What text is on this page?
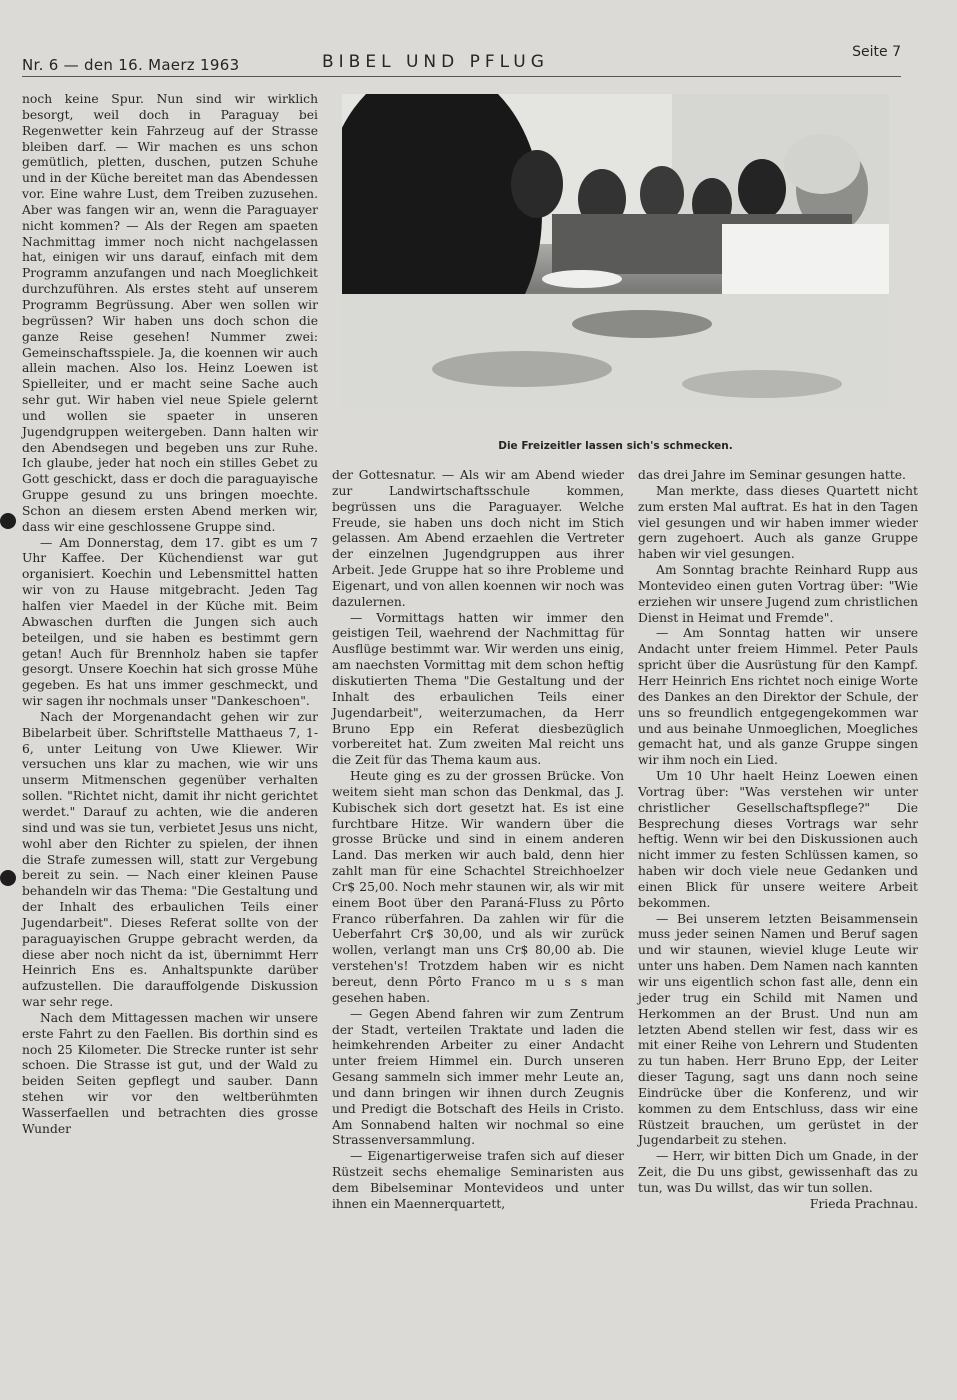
Nr. 6 — den 16. Maerz 1963	BIBEL UND PFLUG	Seite 7

noch keine Spur. Nun sind wir wirklich besorgt, weil doch in Paraguay bei Regenwetter kein Fahrzeug auf der Strasse bleiben darf. — Wir machen es uns schon gemütlich, pletten, duschen, putzen Schuhe und in der Küche bereitet man das Abendessen vor. Eine wahre Lust, dem Treiben zuzusehen. Aber was fangen wir an, wenn die Paraguayer nicht kommen? — Als der Regen am spaeten Nachmittag immer noch nicht nachgelassen hat, einigen wir uns darauf, einfach mit dem Programm anzufangen und nach Moeglichkeit durchzuführen. Als erstes steht auf unserem Programm Begrüssung. Aber wen sollen wir begrüssen? Wir haben uns doch schon die ganze Reise gesehen! Nummer zwei: Gemeinschaftsspiele. Ja, die koennen wir auch allein machen. Also los. Heinz Loewen ist Spielleiter, und er macht seine Sache auch sehr gut. Wir haben viel neue Spiele gelernt und wollen sie spaeter in unseren Jugendgruppen weitergeben. Dann halten wir den Abendsegen und begeben uns zur Ruhe. Ich glaube, jeder hat noch ein stilles Gebet zu Gott geschickt, dass er doch die paraguayische Gruppe gesund zu uns bringen moechte. Schon an diesem ersten Abend merken wir, dass wir eine geschlossene Gruppe sind.

— Am Donnerstag, dem 17. gibt es um 7 Uhr Kaffee. Der Küchendienst war gut organisiert. Koechin und Lebensmittel hatten wir von zu Hause mitgebracht. Jeden Tag halfen vier Maedel in der Küche mit. Beim Abwaschen durften die Jungen sich auch beteilgen, und sie haben es bestimmt gern getan! Auch für Brennholz haben sie tapfer gesorgt. Unsere Koechin hat sich grosse Mühe gegeben. Es hat uns immer geschmeckt, und wir sagen ihr nochmals unser "Dankeschoen".

Nach der Morgenandacht gehen wir zur Bibelarbeit über. Schriftstelle Matthaeus 7, 1-6, unter Leitung von Uwe Kliewer. Wir versuchen uns klar zu machen, wie wir uns unserm Mitmenschen gegenüber verhalten sollen. "Richtet nicht, damit ihr nicht gerichtet werdet." Darauf zu achten, wie die anderen sind und was sie tun, verbietet Jesus uns nicht, wohl aber den Richter zu spielen, der ihnen die Strafe zumessen will, statt zur Vergebung bereit zu sein. — Nach einer kleinen Pause behandeln wir das Thema: "Die Gestaltung und der Inhalt des erbaulichen Teils einer Jugendarbeit". Dieses Referat sollte von der paraguayischen Gruppe gebracht werden, da diese aber noch nicht da ist, übernimmt Herr Heinrich Ens es. Anhaltspunkte darüber aufzustellen. Die darauffolgende Diskussion war sehr rege.

Nach dem Mittagessen machen wir unsere erste Fahrt zu den Faellen. Bis dorthin sind es noch 25 Kilometer. Die Strecke runter ist sehr schoen. Die Strasse ist gut, und der Wald zu beiden Seiten gepflegt und sauber. Dann stehen wir vor den weltberühmten Wasserfaellen und betrachten dies grosse Wunder

Die Freizeitler lassen sich's schmecken.

der Gottesnatur. — Als wir am Abend wieder zur Landwirtschaftsschule kommen, begrüssen uns die Paraguayer. Welche Freude, sie haben uns doch nicht im Stich gelassen. Am Abend erzaehlen die Vertreter der einzelnen Jugendgruppen aus ihrer Arbeit. Jede Gruppe hat so ihre Probleme und Eigenart, und von allen koennen wir noch was dazulernen.

— Vormittags hatten wir immer den geistigen Teil, waehrend der Nachmittag für Ausflüge bestimmt war. Wir werden uns einig, am naechsten Vormittag mit dem schon heftig diskutierten Thema "Die Gestaltung und der Inhalt des erbaulichen Teils einer Jugendarbeit", weiterzumachen, da Herr Bruno Epp ein Referat diesbezüglich vorbereitet hat. Zum zweiten Mal reicht uns die Zeit für das Thema kaum aus.

Heute ging es zu der grossen Brücke. Von weitem sieht man schon das Denkmal, das J. Kubischek sich dort gesetzt hat. Es ist eine furchtbare Hitze. Wir wandern über die grosse Brücke und sind in einem anderen Land. Das merken wir auch bald, denn hier zahlt man für eine Schachtel Streichhoelzer Cr$ 25,00. Noch mehr staunen wir, als wir mit einem Boot über den Paraná-Fluss zu Pôrto Franco rüberfahren. Da zahlen wir für die Ueberfahrt Cr$ 30,00, und als wir zurück wollen, verlangt man uns Cr$ 80,00 ab. Die verstehen's! Trotzdem haben wir es nicht bereut, denn Pôrto Franco m u s s man gesehen haben.

— Gegen Abend fahren wir zum Zentrum der Stadt, verteilen Traktate und laden die heimkehrenden Arbeiter zu einer Andacht unter freiem Himmel ein. Durch unseren Gesang sammeln sich immer mehr Leute an, und dann bringen wir ihnen durch Zeugnis und Predigt die Botschaft des Heils in Cristo. Am Sonnabend halten wir nochmal so eine Strassenversammlung.

— Eigenartigerweise trafen sich auf dieser Rüstzeit sechs ehemalige Seminaristen aus dem Bibelseminar Montevideos und unter ihnen ein Maennerquartett,

das drei Jahre im Seminar gesungen hatte.

Man merkte, dass dieses Quartett nicht zum ersten Mal auftrat. Es hat in den Tagen viel gesungen und wir haben immer wieder gern zugehoert. Auch als ganze Gruppe haben wir viel gesungen.

Am Sonntag brachte Reinhard Rupp aus Montevideo einen guten Vortrag über: "Wie erziehen wir unsere Jugend zum christlichen Dienst in Heimat und Fremde".

— Am Sonntag hatten wir unsere Andacht unter freiem Himmel. Peter Pauls spricht über die Ausrüstung für den Kampf. Herr Heinrich Ens richtet noch einige Worte des Dankes an den Direktor der Schule, der uns so freundlich entgegengekommen war und aus beinahe Unmoeglichen, Moegliches gemacht hat, und als ganze Gruppe singen wir ihm noch ein Lied.

Um 10 Uhr haelt Heinz Loewen einen Vortrag über: "Was verstehen wir unter christlicher Gesellschaftspflege?" Die Besprechung dieses Vortrags war sehr heftig. Wenn wir bei den Diskussionen auch nicht immer zu festen Schlüssen kamen, so haben wir doch viele neue Gedanken und einen Blick für unsere weitere Arbeit bekommen.

— Bei unserem letzten Beisammensein muss jeder seinen Namen und Beruf sagen und wir staunen, wieviel kluge Leute wir unter uns haben. Dem Namen nach kannten wir uns eigentlich schon fast alle, denn ein jeder trug ein Schild mit Namen und Herkommen an der Brust. Und nun am letzten Abend stellen wir fest, dass wir es mit einer Reihe von Lehrern und Studenten zu tun haben. Herr Bruno Epp, der Leiter dieser Tagung, sagt uns dann noch seine Eindrücke über die Konferenz, und wir kommen zu dem Entschluss, dass wir eine Rüstzeit brauchen, um gerüstet in der Jugendarbeit zu stehen.

— Herr, wir bitten Dich um Gnade, in der Zeit, die Du uns gibst, gewissenhaft das zu tun, was Du willst, das wir tun sollen.
Frieda Prachnau.
